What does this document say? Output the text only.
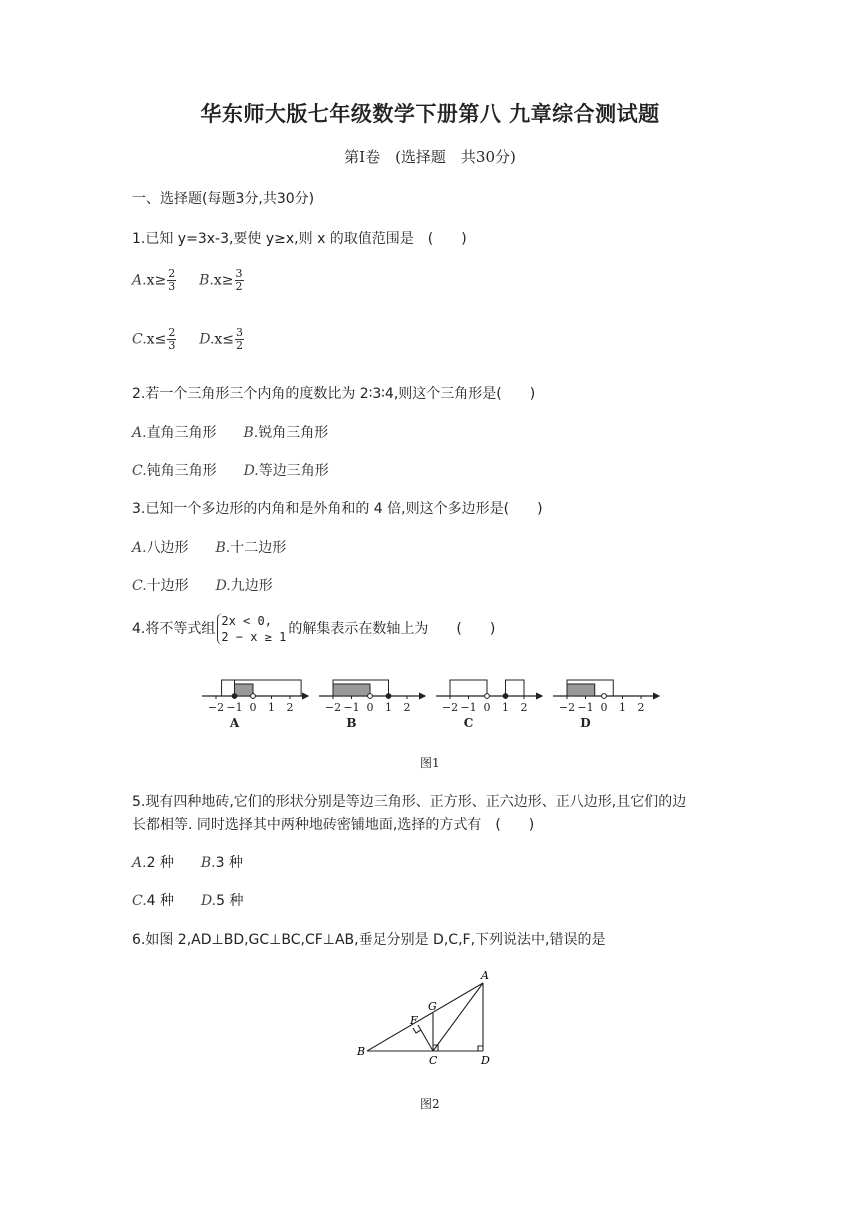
华东师大版七年级数学下册第八 九章综合测试题
第Ⅰ卷　(选择题　共30分)
一、选择题(每题3分,共30分)
1.已知 y=3x-3,要使 y≥x,则 x 的取值范围是　(　　)
$A.x\ge \frac{2}{3} B.x\ge \frac{3}{2}$
$C.x\le \frac{2}{3} D.x\le \frac{3}{2}$
2.若一个三角形三个内角的度数比为 2∶3∶4,则这个三角形是(　　)
A.直角三角形 B.锐角三角形
C.钝角三角形 D.等边三角形
3.已知一个多边形的内角和是外角和的 4 倍,则这个多边形是(　　)
A.八边形 B.十二边形
C.十边形 D.九边形
4.将不等式组 2x < 0,
2 − x ≥ 1 的解集表示在数轴上为　　(　　)
−2 −1 0 1 2
A
−2 −1 0 1 2
B
−2 −1 0 1 2
C
−2 −1 0 1 2
D
图1
5.现有四种地砖,它们的形状分别是等边三角形、正方形、正六边形、正八边形,且它们的边
长都相等. 同时选择其中两种地砖密铺地面,选择的方式有　(　　)
A.2 种 B.3 种
C.4 种 D.5 种
6.如图 2,AD⊥BD,GC⊥BC,CF⊥AB,垂足分别是 D,C,F,下列说法中,错误的是
A
B
C	D
F
G
图2
